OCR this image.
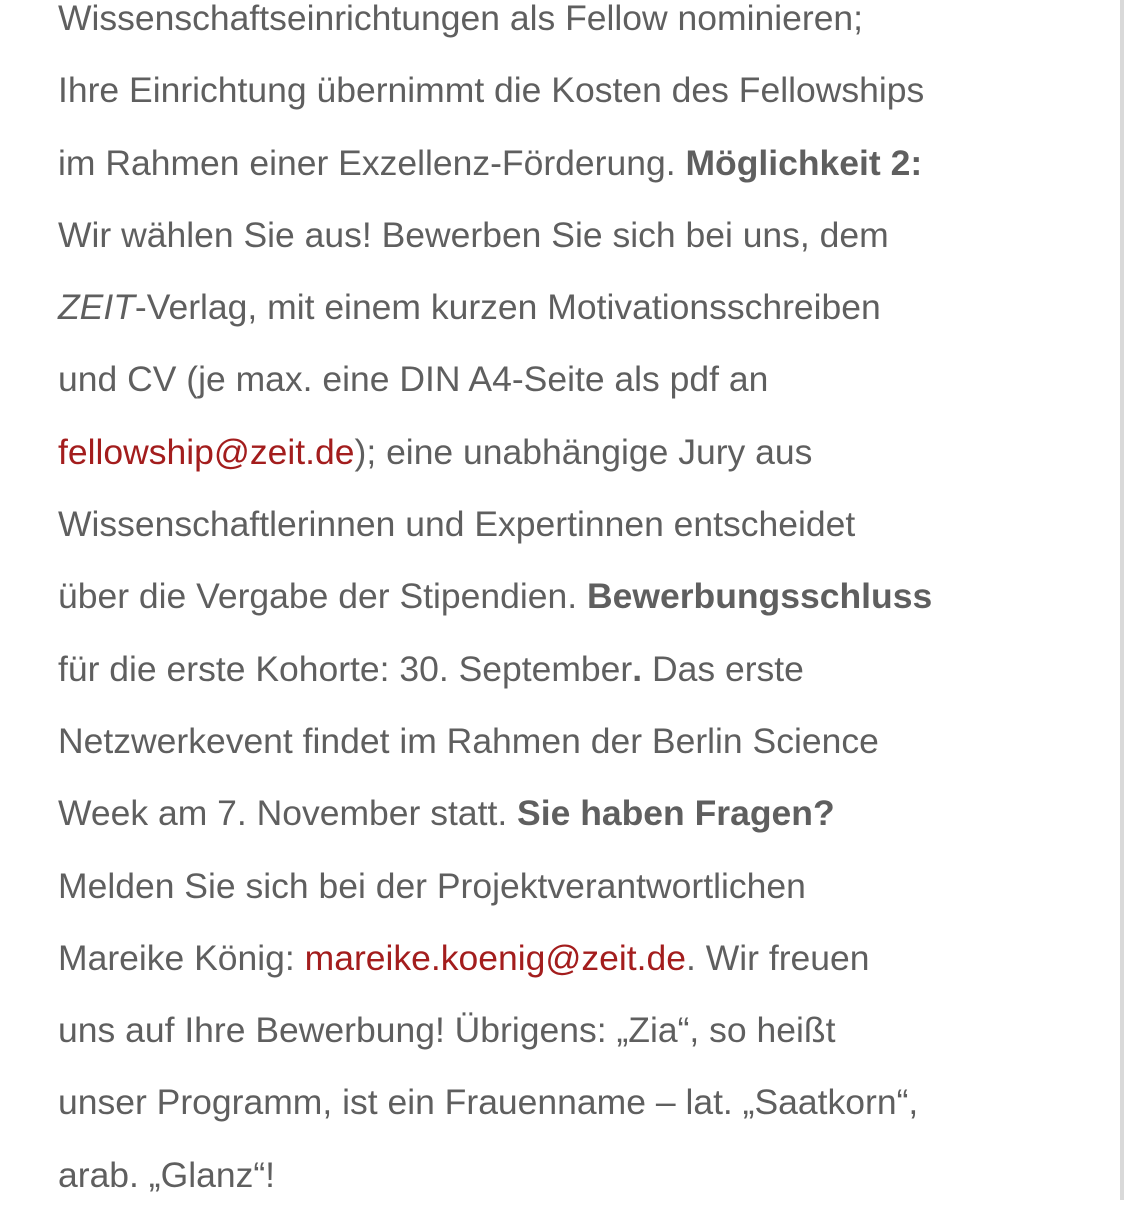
Wissenschaftseinrichtungen als Fellow nominieren;
Ihre Einrichtung übernimmt die Kosten des Fellowships
im Rahmen einer Exzellenz-Förderung. Möglichkeit 2:
Wir wählen Sie aus! Bewerben Sie sich bei uns, dem
ZEIT-Verlag, mit einem kurzen Motivationsschreiben
und CV (je max. eine DIN A4-Seite als pdf an
fellowship@zeit.de); eine unabhängige Jury aus
Wissenschaftlerinnen und Expertinnen entscheidet
über die Vergabe der Stipendien. Bewerbungsschluss
für die erste Kohorte: 30. September. Das erste
Netzwerkevent findet im Rahmen der Berlin Science
Week am 7. November statt. Sie haben Fragen?
Melden Sie sich bei der Projektverantwortlichen
Mareike König: mareike.koenig@zeit.de. Wir freuen
uns auf Ihre Bewerbung! Übrigens: „Zia“, so heißt
unser Programm, ist ein Frauenname – lat. „Saatkorn“,
arab. „Glanz“!
